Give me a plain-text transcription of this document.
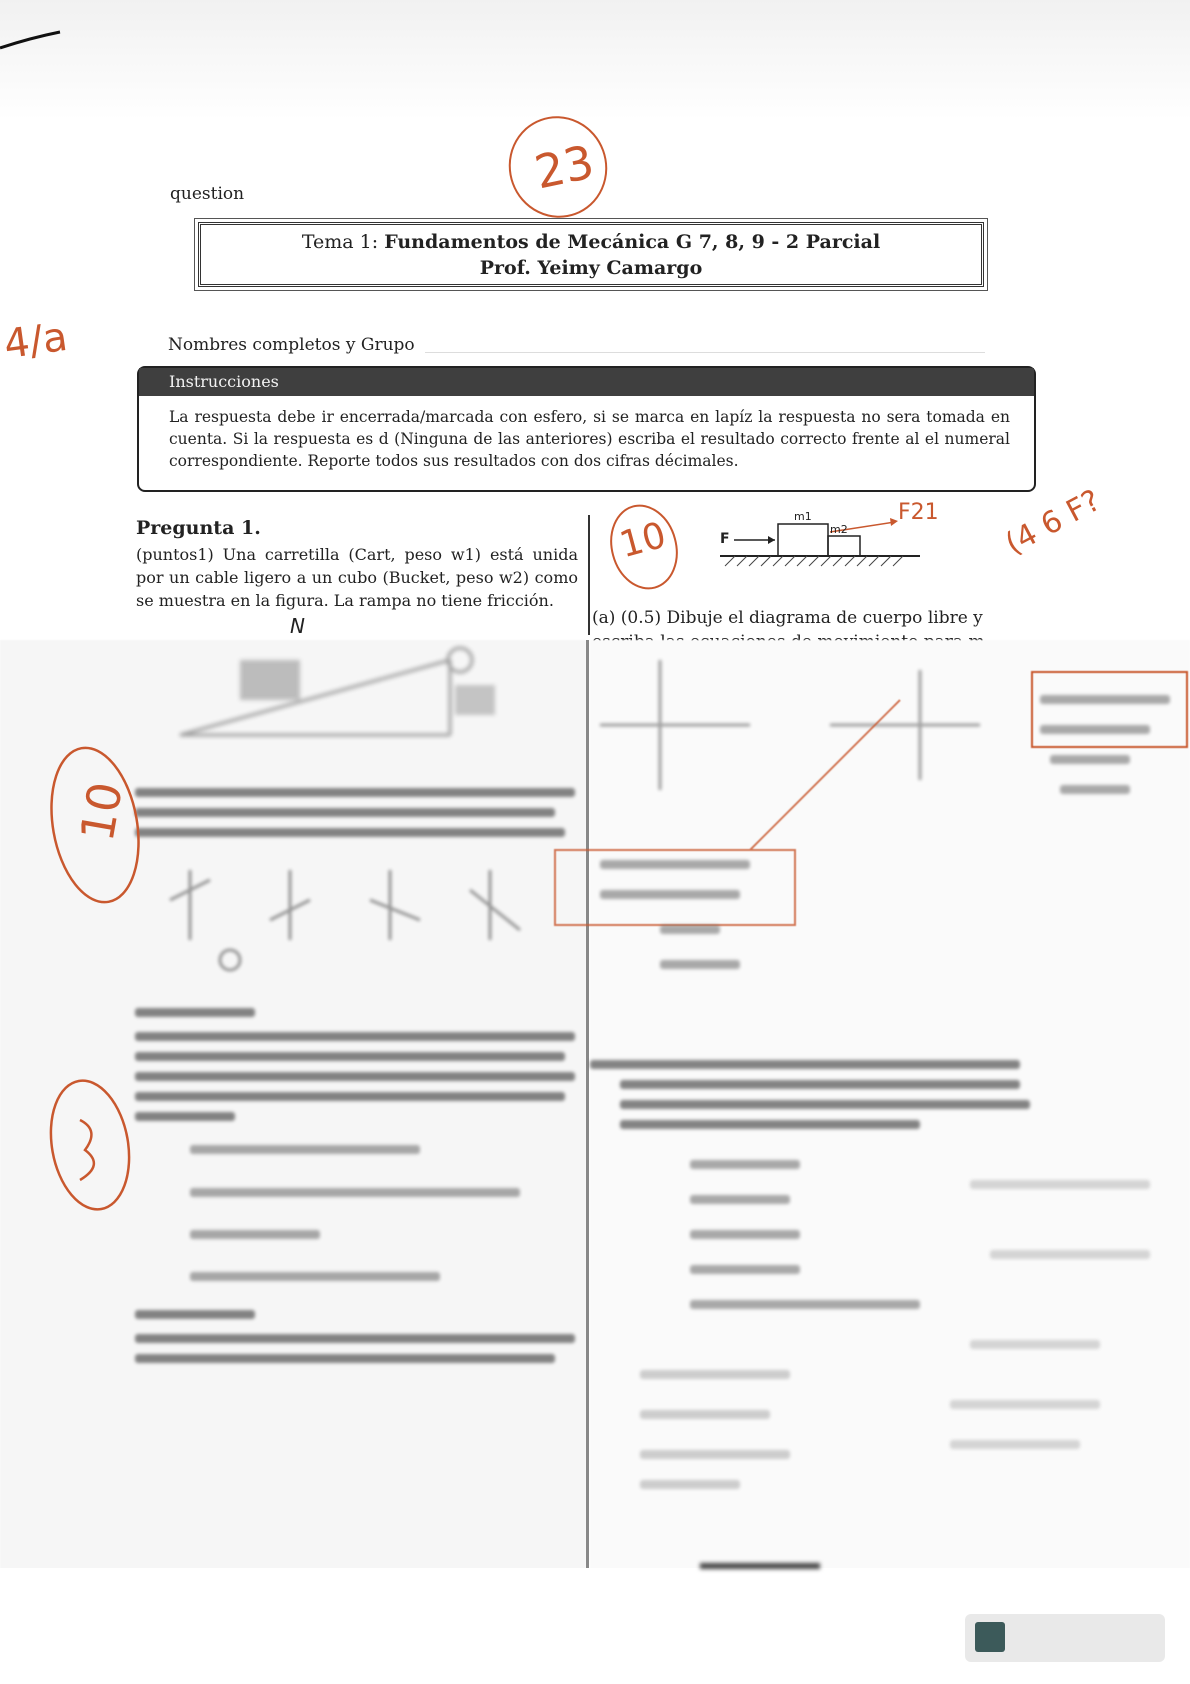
question	23
Tema 1: Fundamentos de Mecánica G 7, 8, 9 - 2 Parcial
Prof. Yeimy Camargo
4/a	Nombres completos y Grupo
Instrucciones
La respuesta debe ir encerrada/marcada con esfero, si se marca en lapíz la respuesta no sera tomada en cuenta. Si la respuesta es d (Ninguna de las anteriores) escriba el resultado correcto frente al el numeral correspondiente. Reporte todos sus resultados con dos cifras décimales.
Pregunta 1.
(puntos1) Una carretilla (Cart, peso w1) está unida por un cable ligero a un cubo (Bucket, peso w2) como se muestra en la figura. La rampa no tiene fricción.
10	m1
m2
F
F21 (4 6 F?
(a) (0.5) Dibuje el diagrama de cuerpo libre y
N
10
